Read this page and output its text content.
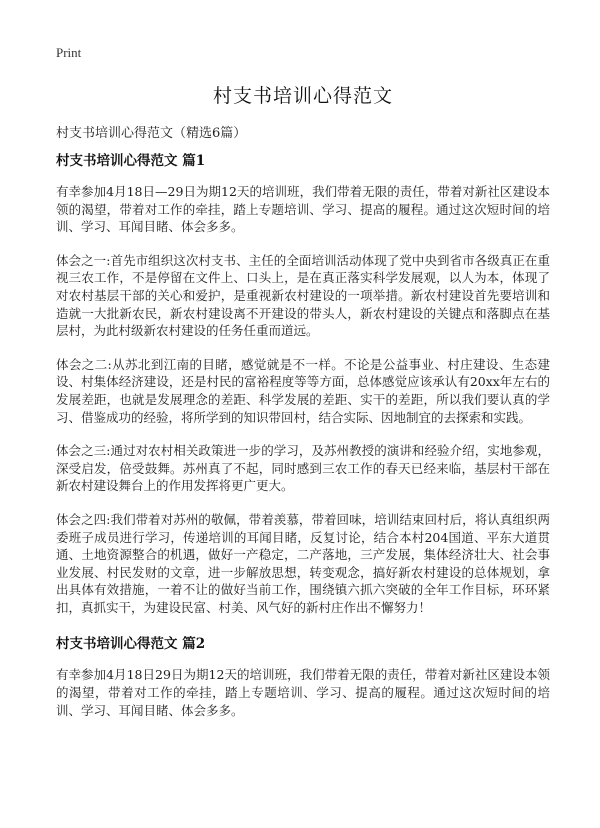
Print
村支书培训心得范文
村支书培训心得范文（精选6篇）
村支书培训心得范文 篇1

有幸参加4月18日—29日为期12天的培训班，我们带着无限的责任，带着对新社区建设本领的渴望，带着对工作的牵挂，踏上专题培训、学习、提高的履程。通过这次短时间的培训、学习、耳闻目睹、体会多多。

体会之一:首先市组织这次村支书、主任的全面培训活动体现了党中央到省市各级真正在重视三农工作，不是停留在文件上、口头上，是在真正落实科学发展观，以人为本，体现了对农村基层干部的关心和爱护，是重视新农村建设的一项举措。新农村建设首先要培训和造就一大批新农民，新农村建设离不开建设的带头人，新农村建设的关键点和落脚点在基层村，为此村级新农村建设的任务任重而道远。

体会之二:从苏北到江南的目睹，感觉就是不一样。不论是公益事业、村庄建设、生态建设、村集体经济建设，还是村民的富裕程度等等方面，总体感觉应该承认有20xx年左右的发展差距，也就是发展理念的差距、科学发展的差距、实干的差距，所以我们要认真的学习、借鉴成功的经验，将所学到的知识带回村，结合实际、因地制宜的去探索和实践。

体会之三:通过对农村相关政策进一步的学习，及苏州教授的演讲和经验介绍，实地参观，深受启发，倍受鼓舞。苏州真了不起，同时感到三农工作的春天已经来临，基层村干部在新农村建设舞台上的作用发挥将更广更大。

体会之四:我们带着对苏州的敬佩，带着羡慕，带着回味，培训结束回村后，将认真组织两委班子成员进行学习，传递培训的耳闻目睹，反复讨论，结合本村204国道、平东大道贯通、土地资源整合的机遇，做好一产稳定，二产落地，三产发展，集体经济壮大、社会事业发展、村民发财的文章，进一步解放思想，转变观念，搞好新农村建设的总体规划，拿出具体有效措施，一着不让的做好当前工作，围绕镇六抓六突破的全年工作目标，环环紧扣，真抓实干，为建设民富、村美、风气好的新村庄作出不懈努力！

村支书培训心得范文 篇2

有幸参加4月18日29日为期12天的培训班，我们带着无限的责任，带着对新社区建设本领的渴望，带着对工作的牵挂，踏上专题培训、学习、提高的履程。通过这次短时间的培训、学习、耳闻目睹、体会多多。
